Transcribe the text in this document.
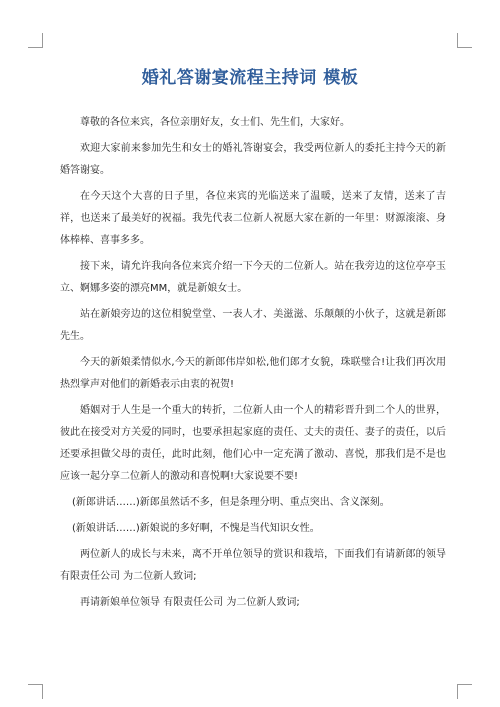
婚礼答谢宴流程主持词 模板

尊敬的各位来宾，各位亲朋好友，女士们、先生们，大家好。

欢迎大家前来参加先生和女士的婚礼答谢宴会，我受两位新人的委托主持今天的新婚答谢宴。

在今天这个大喜的日子里，各位来宾的光临送来了温暖，送来了友情，送来了吉祥，也送来了最美好的祝福。我先代表二位新人祝愿大家在新的一年里：财源滚滚、身体棒棒、喜事多多。

接下来，请允许我向各位来宾介绍一下今天的二位新人。站在我旁边的这位亭亭玉立、婀娜多姿的漂亮MM，就是新娘女士。

站在新娘旁边的这位相貌堂堂、一表人才、美滋滋、乐颠颠的小伙子，这就是新郎先生。

今天的新娘柔情似水,今天的新郎伟岸如松,他们郎才女貌，珠联璧合!让我们再次用热烈掌声对他们的新婚表示由衷的祝贺!

婚姻对于人生是一个重大的转折，二位新人由一个人的精彩晋升到二个人的世界，彼此在接受对方关爱的同时，也要承担起家庭的责任、丈夫的责任、妻子的责任，以后还要承担做父母的责任，此时此刻，他们心中一定充满了激动、喜悦，那我们是不是也应该一起分享二位新人的激动和喜悦啊!大家说要不要!

(新郎讲话……)新郎虽然话不多，但是条理分明、重点突出、含义深刻。

(新娘讲话……)新娘说的多好啊，不愧是当代知识女性。

两位新人的成长与未来，离不开单位领导的赏识和栽培，下面我们有请新郎的领导 有限责任公司 为二位新人致词;

再请新娘单位领导 有限责任公司 为二位新人致词;
